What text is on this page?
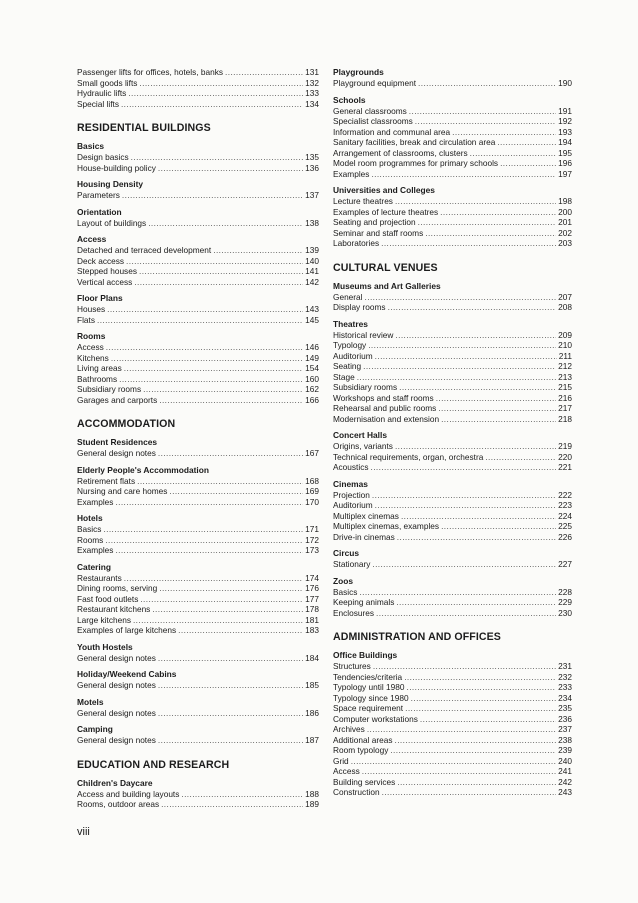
Passenger lifts for offices, hotels, banks .....	131
Small goods lifts .....	132
Hydraulic lifts .....	133
Special lifts .....	134
RESIDENTIAL BUILDINGS
Basics
Design basics .....	135
House-building policy .....	136
Housing Density
Parameters .....	137
Orientation
Layout of buildings .....	138
Access
Detached and terraced development .....	139
Deck access .....	140
Stepped houses .....	141
Vertical access .....	142
Floor Plans
Houses .....	143
Flats .....	145
Rooms
Access .....	146
Kitchens .....	149
Living areas .....	154
Bathrooms .....	160
Subsidiary rooms .....	162
Garages and carports .....	166
ACCOMMODATION
Student Residences
General design notes .....	167
Elderly People's Accommodation
Retirement flats .....	168
Nursing and care homes .....	169
Examples .....	170
Hotels
Basics .....	171
Rooms .....	172
Examples .....	173
Catering
Restaurants .....	174
Dining rooms, serving .....	176
Fast food outlets .....	177
Restaurant kitchens .....	178
Large kitchens .....	181
Examples of large kitchens .....	183
Youth Hostels
General design notes .....	184
Holiday/Weekend Cabins
General design notes .....	185
Motels
General design notes .....	186
Camping
General design notes .....	187
EDUCATION AND RESEARCH
Children's Daycare
Access and building layouts .....	188
Rooms, outdoor areas .....	189
Playgrounds
Playground equipment .....	190
Schools
General classrooms .....	191
Specialist classrooms .....	192
Information and communal area .....	193
Sanitary facilities, break and circulation area .....	194
Arrangement of classrooms, clusters .....	195
Model room programmes for primary schools .....	196
Examples .....	197
Universities and Colleges
Lecture theatres .....	198
Examples of lecture theatres .....	200
Seating and projection .....	201
Seminar and staff rooms .....	202
Laboratories .....	203
CULTURAL VENUES
Museums and Art Galleries
General .....	207
Display rooms .....	208
Theatres
Historical review .....	209
Typology .....	210
Auditorium .....	211
Seating .....	212
Stage .....	213
Subsidiary rooms .....	215
Workshops and staff rooms .....	216
Rehearsal and public rooms .....	217
Modernisation and extension .....	218
Concert Halls
Origins, variants .....	219
Technical requirements, organ, orchestra .....	220
Acoustics .....	221
Cinemas
Projection .....	222
Auditorium .....	223
Multiplex cinemas .....	224
Multiplex cinemas, examples .....	225
Drive-in cinemas .....	226
Circus
Stationary .....	227
Zoos
Basics .....	228
Keeping animals .....	229
Enclosures .....	230
ADMINISTRATION AND OFFICES
Office Buildings
Structures .....	231
Tendencies/criteria .....	232
Typology until 1980 .....	233
Typology since 1980 .....	234
Space requirement .....	235
Computer workstations .....	236
Archives .....	237
Additional areas .....	238
Room typology .....	239
Grid .....	240
Access .....	241
Building services .....	242
Construction .....	243
viii
